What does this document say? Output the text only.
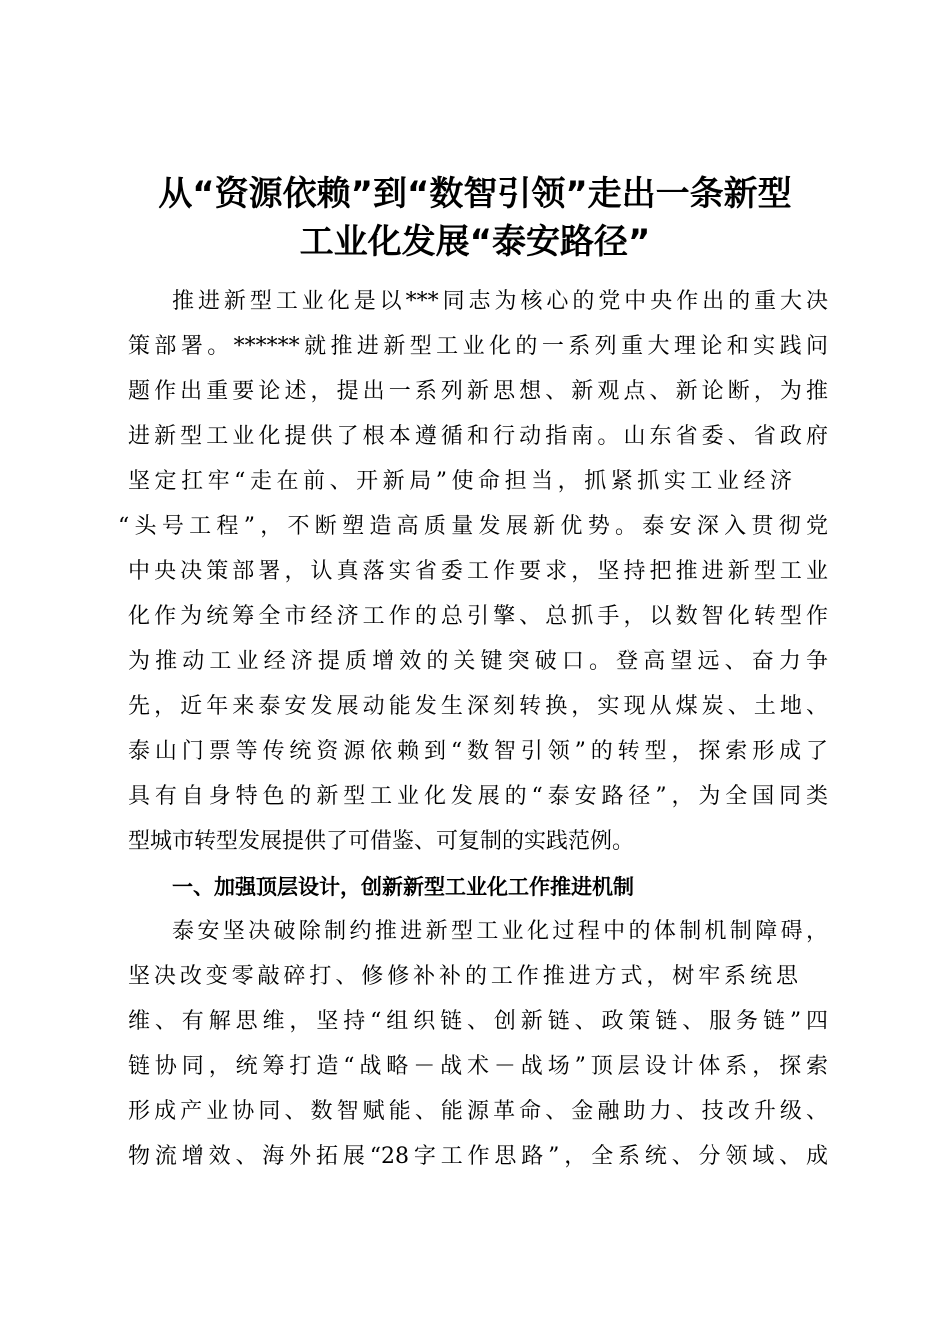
从“资源依赖”到“数智引领”走出一条新型
工业化发展“泰安路径”
推进新型工业化是以***同志为核心的党中央作出的重大决
策部署。******就推进新型工业化的一系列重大理论和实践问
题作出重要论述，提出一系列新思想、新观点、新论断，为推
进新型工业化提供了根本遵循和行动指南。山东省委、省政府
坚定扛牢“走在前、开新局”使命担当，抓紧抓实工业经济
“头号工程”，不断塑造高质量发展新优势。泰安深入贯彻党
中央决策部署，认真落实省委工作要求，坚持把推进新型工业
化作为统筹全市经济工作的总引擎、总抓手，以数智化转型作
为推动工业经济提质增效的关键突破口。登高望远、奋力争
先，近年来泰安发展动能发生深刻转换，实现从煤炭、土地、
泰山门票等传统资源依赖到“数智引领”的转型，探索形成了
具有自身特色的新型工业化发展的“泰安路径”，为全国同类
型城市转型发展提供了可借鉴、可复制的实践范例。
一、加强顶层设计，创新新型工业化工作推进机制
泰安坚决破除制约推进新型工业化过程中的体制机制障碍，
坚决改变零敲碎打、修修补补的工作推进方式，树牢系统思
维、有解思维，坚持“组织链、创新链、政策链、服务链”四
链协同，统筹打造“战略－战术－战场”顶层设计体系，探索
形成产业协同、数智赋能、能源革命、金融助力、技改升级、
物流增效、海外拓展“28字工作思路”，全系统、分领域、成
